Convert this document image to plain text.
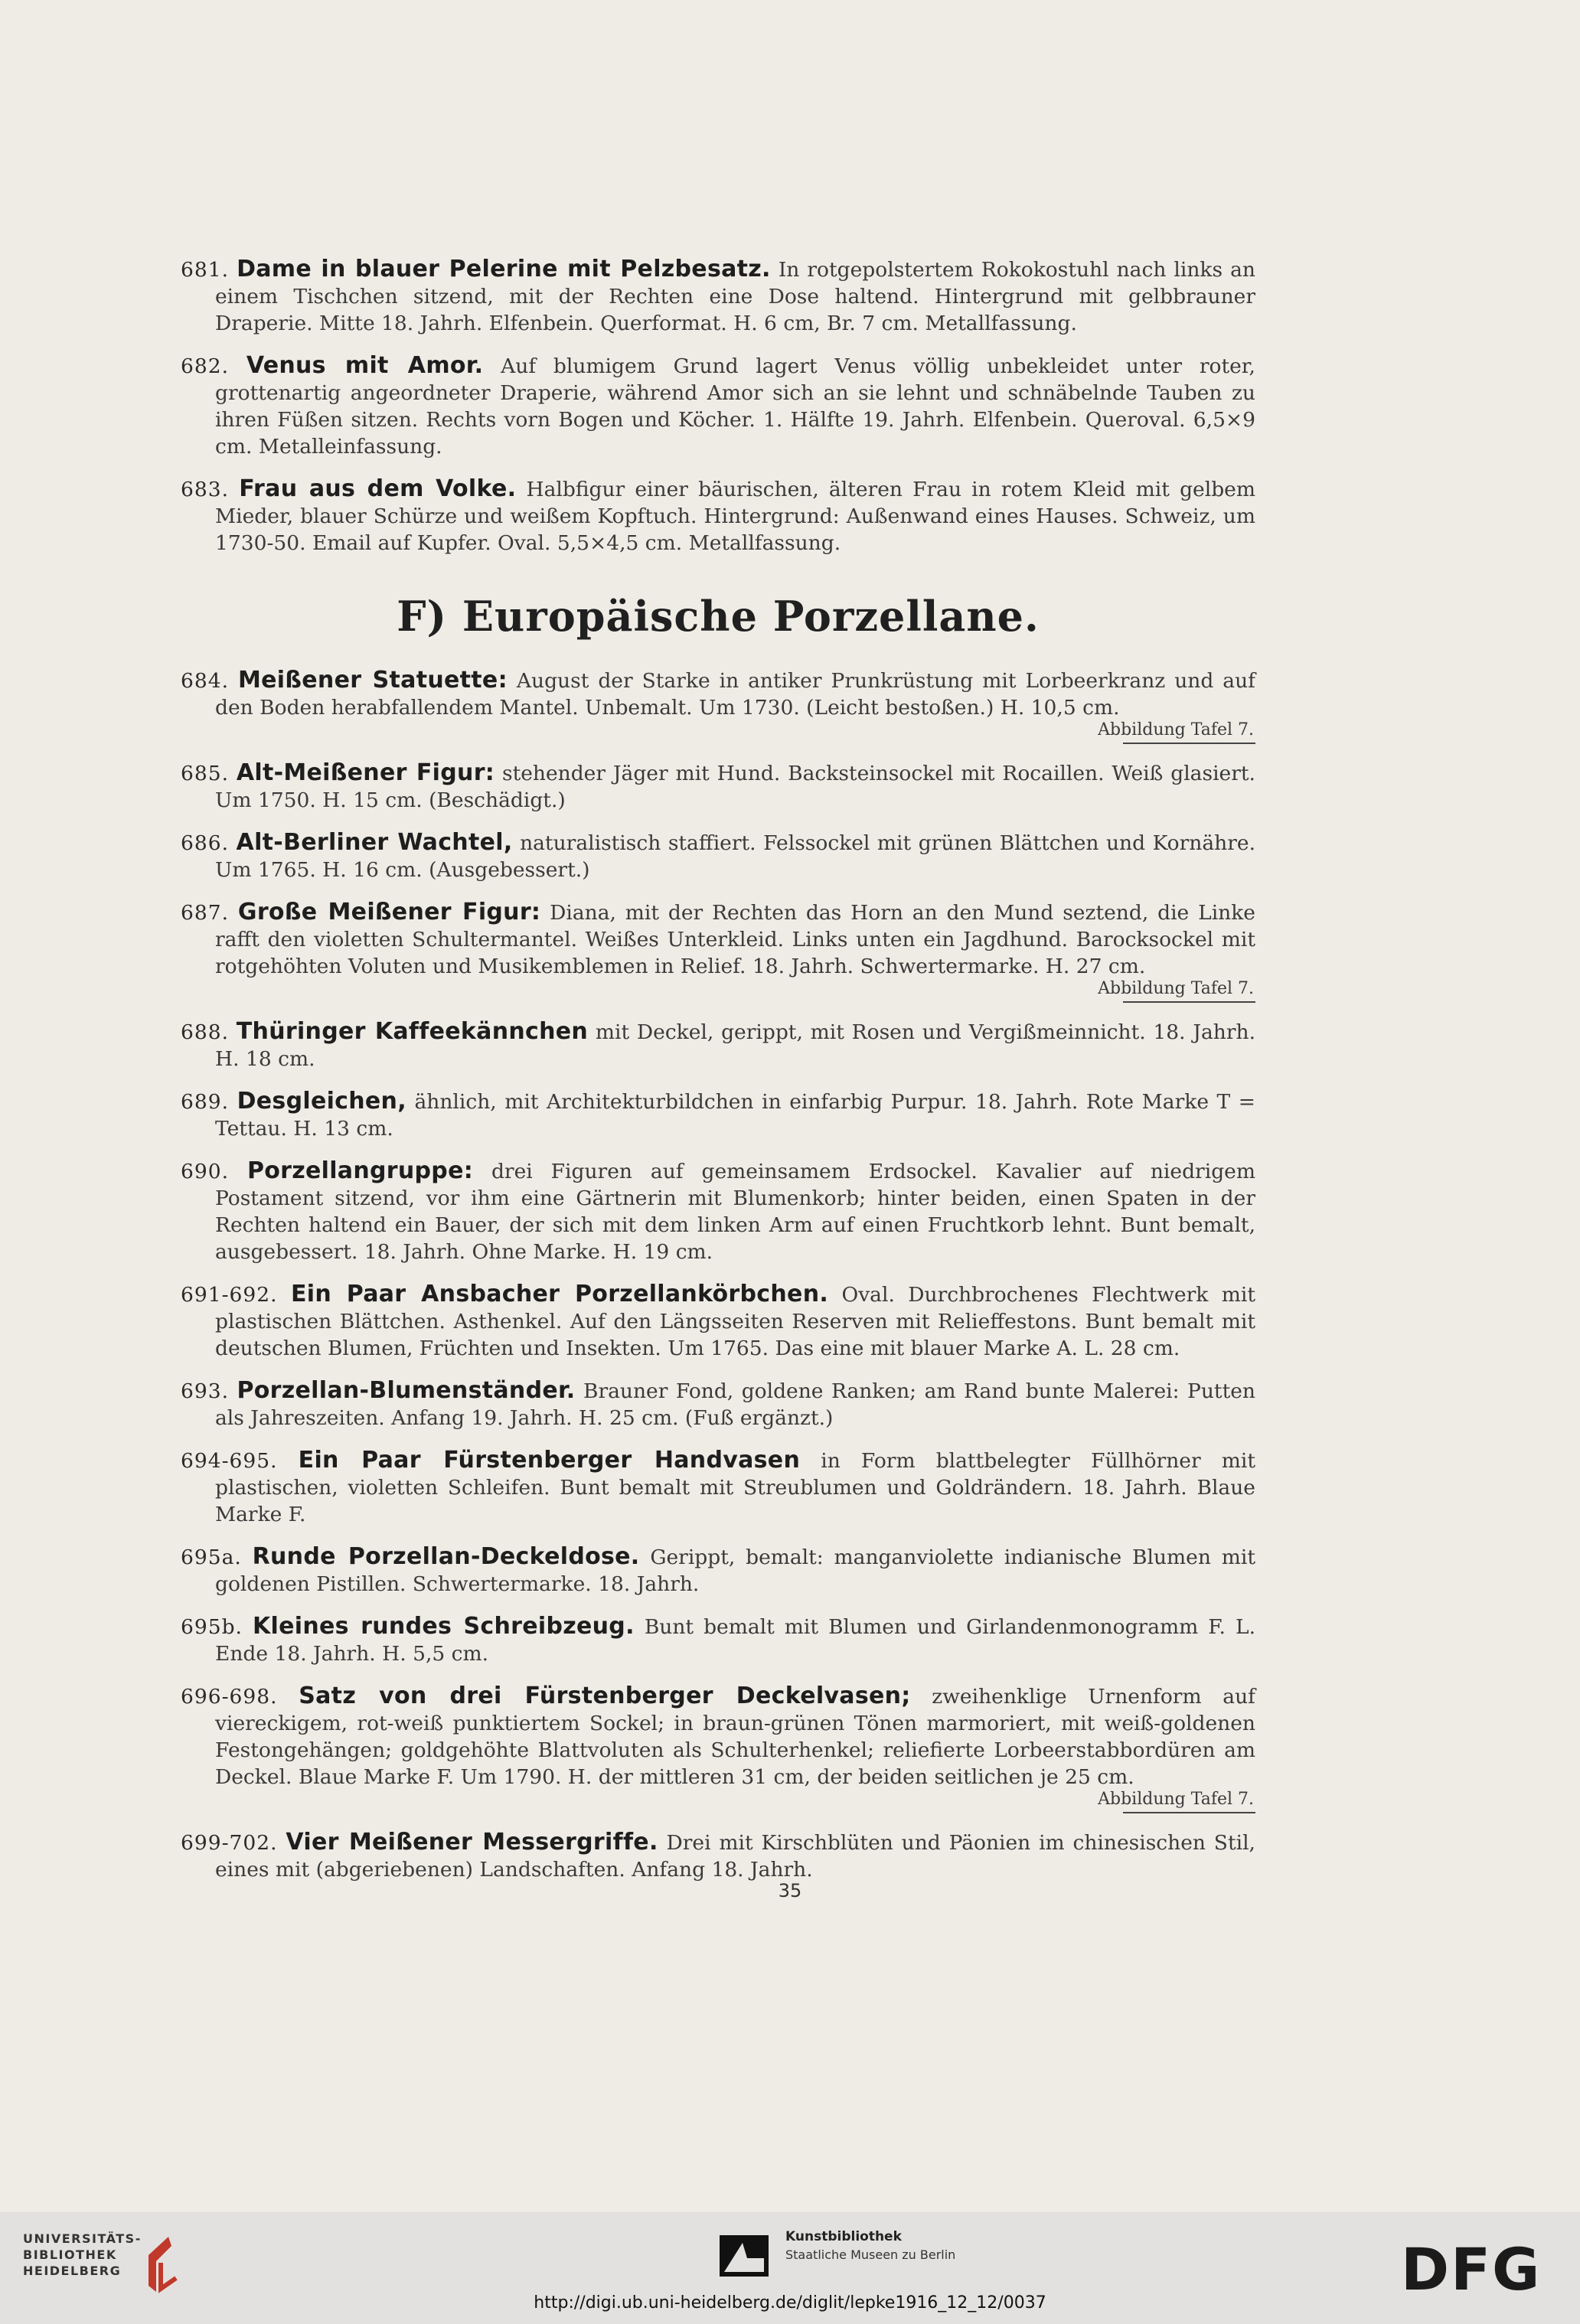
681. Dame in blauer Pelerine mit Pelzbesatz. In rotgepolstertem Rokokostuhl nach links an einem Tischchen sitzend, mit der Rechten eine Dose haltend. Hintergrund mit gelbbrauner Draperie. Mitte 18. Jahrh. Elfenbein. Querformat. H. 6 cm, Br. 7 cm. Metallfassung.
682. Venus mit Amor. Auf blumigem Grund lagert Venus völlig unbekleidet unter roter, grottenartig angeordneter Draperie, während Amor sich an sie lehnt und schnäbelnde Tauben zu ihren Füßen sitzen. Rechts vorn Bogen und Köcher. 1. Hälfte 19. Jahrh. Elfenbein. Queroval. 6,5×9 cm. Metalleinfassung.
683. Frau aus dem Volke. Halbfigur einer bäurischen, älteren Frau in rotem Kleid mit gelbem Mieder, blauer Schürze und weißem Kopftuch. Hintergrund: Außenwand eines Hauses. Schweiz, um 1730-50. Email auf Kupfer. Oval. 5,5×4,5 cm. Metallfassung.
F) Europäische Porzellane.
684. Meißener Statuette: August der Starke in antiker Prunkrüstung mit Lorbeerkranz und auf den Boden herabfallendem Mantel. Unbemalt. Um 1730. (Leicht bestoßen.) H. 10,5 cm.
Abbildung Tafel 7.
685. Alt-Meißener Figur: stehender Jäger mit Hund. Backsteinsockel mit Rocaillen. Weiß glasiert. Um 1750. H. 15 cm. (Beschädigt.)
686. Alt-Berliner Wachtel, naturalistisch staffiert. Felssockel mit grünen Blättchen und Kornähre. Um 1765. H. 16 cm. (Ausgebessert.)
687. Große Meißener Figur: Diana, mit der Rechten das Horn an den Mund seztend, die Linke rafft den violetten Schultermantel. Weißes Unterkleid. Links unten ein Jagdhund. Barocksockel mit rotgehöhten Voluten und Musikemblemen in Relief. 18. Jahrh. Schwertermarke. H. 27 cm.
Abbildung Tafel 7.
688. Thüringer Kaffeekännchen mit Deckel, gerippt, mit Rosen und Vergißmeinnicht. 18. Jahrh. H. 18 cm.
689. Desgleichen, ähnlich, mit Architekturbildchen in einfarbig Purpur. 18. Jahrh. Rote Marke T = Tettau. H. 13 cm.
690. Porzellangruppe: drei Figuren auf gemeinsamem Erdsockel. Kavalier auf niedrigem Postament sitzend, vor ihm eine Gärtnerin mit Blumenkorb; hinter beiden, einen Spaten in der Rechten haltend ein Bauer, der sich mit dem linken Arm auf einen Fruchtkorb lehnt. Bunt bemalt, ausgebessert. 18. Jahrh. Ohne Marke. H. 19 cm.
691-692. Ein Paar Ansbacher Porzellankörbchen. Oval. Durchbrochenes Flechtwerk mit plastischen Blättchen. Asthenkel. Auf den Längsseiten Reserven mit Relieffestons. Bunt bemalt mit deutschen Blumen, Früchten und Insekten. Um 1765. Das eine mit blauer Marke A. L. 28 cm.
693. Porzellan-Blumenständer. Brauner Fond, goldene Ranken; am Rand bunte Malerei: Putten als Jahreszeiten. Anfang 19. Jahrh. H. 25 cm. (Fuß ergänzt.)
694-695. Ein Paar Fürstenberger Handvasen in Form blattbelegter Füllhörner mit plastischen, violetten Schleifen. Bunt bemalt mit Streublumen und Goldrändern. 18. Jahrh. Blaue Marke F.
695a. Runde Porzellan-Deckeldose. Gerippt, bemalt: manganviolette indianische Blumen mit goldenen Pistillen. Schwertermarke. 18. Jahrh.
695b. Kleines rundes Schreibzeug. Bunt bemalt mit Blumen und Girlandenmonogramm F. L. Ende 18. Jahrh. H. 5,5 cm.
696-698. Satz von drei Fürstenberger Deckelvasen; zweihenklige Urnenform auf viereckigem, rot-weiß punktiertem Sockel; in braun-grünen Tönen marmoriert, mit weiß-goldenen Festongehängen; goldgehöhte Blattvoluten als Schulterhenkel; reliefierte Lorbeerstabbordüren am Deckel. Blaue Marke F. Um 1790. H. der mittleren 31 cm, der beiden seitlichen je 25 cm.
Abbildung Tafel 7.
699-702. Vier Meißener Messergriffe. Drei mit Kirschblüten und Päonien im chinesischen Stil, eines mit (abgeriebenen) Landschaften. Anfang 18. Jahrh.
35
UNIVERSITÄTS- BIBLIOTHEK HEIDELBERG
Kunstbibliothek
Staatliche Museen zu Berlin	DFG
http://digi.ub.uni-heidelberg.de/diglit/lepke1916_12_12/0037
